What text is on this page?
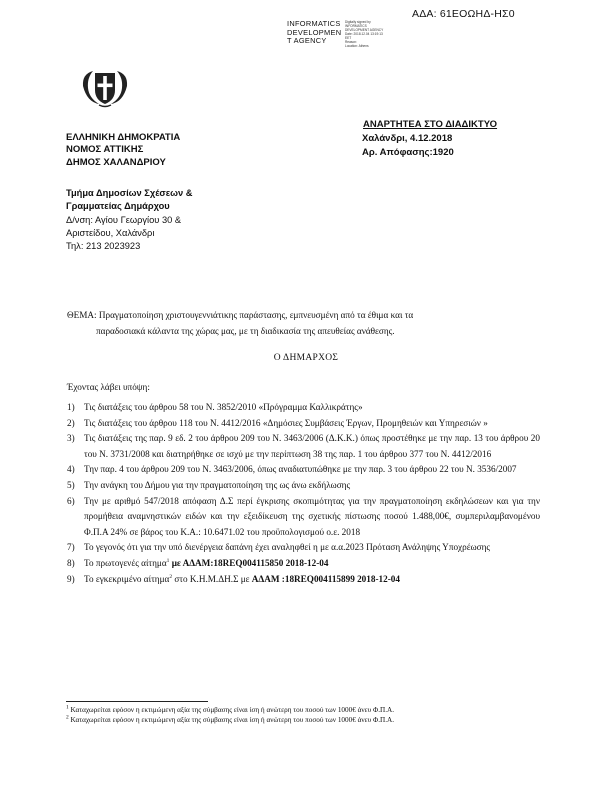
ΑΔΑ: 61ΕΟΩΗΔ-ΗΣ0
INFORMATICS
DEVELOPMEN
T AGENCY
Digitally signed by
INFORMATICS
DEVELOPMENT AGENCY
Date: 2018.12.04 13:19:13
EET
Reason:
Location: Athens
ΑΝΑΡΤΗΤΕΑ ΣΤΟ ΔΙΑΔΙΚΤΥΟ
ΕΛΛΗΝΙΚΗ ΔΗΜΟΚΡΑΤΙΑ
ΝΟΜΟΣ ΑΤΤΙΚΗΣ
ΔΗΜΟΣ ΧΑΛΑΝΔΡΙΟΥ
Χαλάνδρι, 4.12.2018
Αρ. Απόφασης:1920
Τμήμα Δημοσίων Σχέσεων &
Γραμματείας Δημάρχου
Δ/νση: Αγίου Γεωργίου 30 &
Αριστείδου, Χαλάνδρι
Τηλ: 213 2023923
ΘΕΜΑ: Πραγματοποίηση χριστουγεννιάτικης παράστασης, εμπνευσμένη από τα έθιμα και τα
παραδοσιακά κάλαντα της χώρας μας, με τη διαδικασία της απευθείας ανάθεσης.
Ο ΔΗΜΑΡΧΟΣ
Έχοντας λάβει υπόψη:
1) Τις διατάξεις του άρθρου 58 του Ν. 3852/2010 «Πρόγραμμα Καλλικράτης»
2) Τις διατάξεις του άρθρου 118 του Ν. 4412/2016 «Δημόσιες Συμβάσεις Έργων, Προμηθειών και Υπηρεσιών »
3) Τις διατάξεις της παρ. 9 εδ. 2 του άρθρου 209 του Ν. 3463/2006 (Δ.Κ.Κ.) όπως προστέθηκε με την παρ. 13 του άρθρου 20 του Ν. 3731/2008 και διατηρήθηκε σε ισχύ με την περίπτωση 38 της παρ. 1 του άρθρου 377 του Ν. 4412/2016
4) Την παρ. 4 του άρθρου 209 του Ν. 3463/2006, όπως αναδιατυπώθηκε με την παρ. 3 του άρθρου 22 του Ν. 3536/2007
5) Την ανάγκη του Δήμου για την πραγματοποίηση της ως άνω εκδήλωσης
6) Την με αριθμό 547/2018 απόφαση Δ.Σ περί έγκρισης σκοπιμότητας για την πραγματοποίηση εκδηλώσεων και για την προμήθεια αναμνηστικών ειδών και την εξειδίκευση της σχετικής πίστωσης ποσού 1.488,00€, συμπεριλαμβανομένου Φ.Π.Α 24% σε βάρος του Κ.Α.: 10.6471.02 του προϋπολογισμού ο.ε. 2018
7) Το γεγονός ότι για την υπό διενέργεια δαπάνη έχει αναληφθεί η με α.α.2023 Πρόταση Ανάληψης Υποχρέωσης
8) Το πρωτογενές αίτημα$^1$ με ΑΔΑΜ:18REQ004115850 2018-12-04
9) Το εγκεκριμένο αίτημα$^2$ στο Κ.Η.Μ.ΔΗ.Σ με ΑΔΑΜ :18REQ004115899 2018-12-04
$^1$ Καταχωρείται εφόσον η εκτιμώμενη αξία της σύμβασης είναι ίση ή ανώτερη του ποσού των 1000€ άνευ Φ.Π.Α.
$^2$ Καταχωρείται εφόσον η εκτιμώμενη αξία της σύμβασης είναι ίση ή ανώτερη του ποσού των 1000€ άνευ Φ.Π.Α.
